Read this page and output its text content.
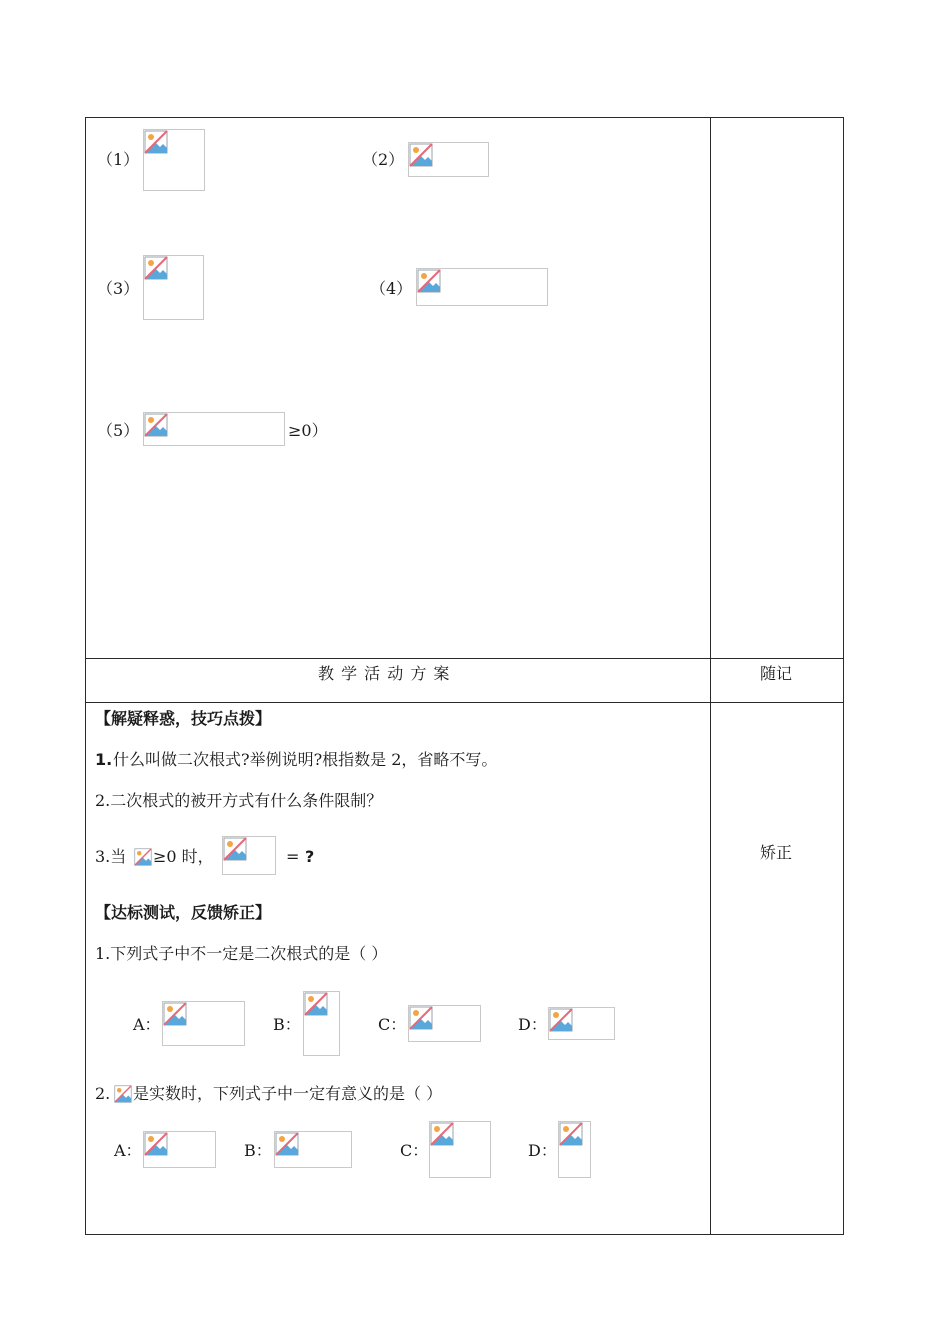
（1）	（2）
（3）	（4）
（5）	≥0）
教 学 活 动 方 案	随记
【解疑释惑，技巧点拨】
1. 什么叫做二次根式?举例说明?根指数是 2，省略不写。
2.二次根式的被开方式有什么条件限制？
3.当 ≥0 时，	= ?
【达标测试，反馈矫正】
1.下列式子中不一定是二次根式的是（ ）
A：	B：	C：	D：
2. 是实数时，下列式子中一定有意义的是（ ）
A：	B：	C：	D：
矫正
